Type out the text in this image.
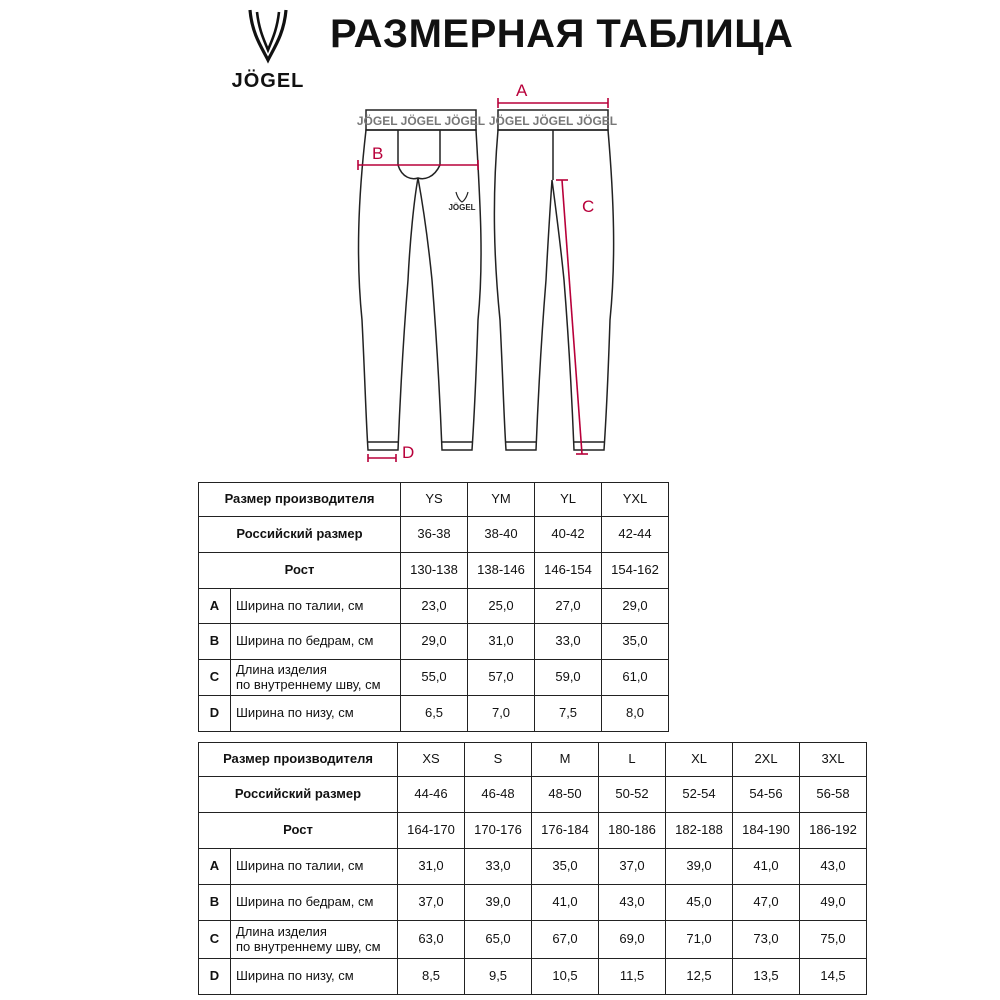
JÖGEL
РАЗМЕРНАЯ ТАБЛИЦА
JÖGEL JÖGEL JÖGEL
JÖGEL
JÖGEL JÖGEL JÖGEL
A
B
C
D
Размер производителя		YS	YM	YL	YXL
Российский размер		36-38	38-40	40-42	42-44
Рост		130-138	138-146	146-154	154-162
A	Ширина по талии, см	23,0	25,0	27,0	29,0
B	Ширина по бедрам, см	29,0	31,0	33,0	35,0
C	Длина изделия
по внутреннему шву, см	55,0	57,0	59,0	61,0
D	Ширина по низу, см	6,5	7,0	7,5	8,0
Размер производителя		XS	S	M	L	XL	2XL	3XL
Российский размер		44-46	46-48	48-50	50-52	52-54	54-56	56-58
Рост		164-170	170-176	176-184	180-186	182-188	184-190	186-192
A	Ширина по талии, см	31,0	33,0	35,0	37,0	39,0	41,0	43,0
B	Ширина по бедрам, см	37,0	39,0	41,0	43,0	45,0	47,0	49,0
C	Длина изделия
по внутреннему шву, см	63,0	65,0	67,0	69,0	71,0	73,0	75,0
D	Ширина по низу, см	8,5	9,5	10,5	11,5	12,5	13,5	14,5
